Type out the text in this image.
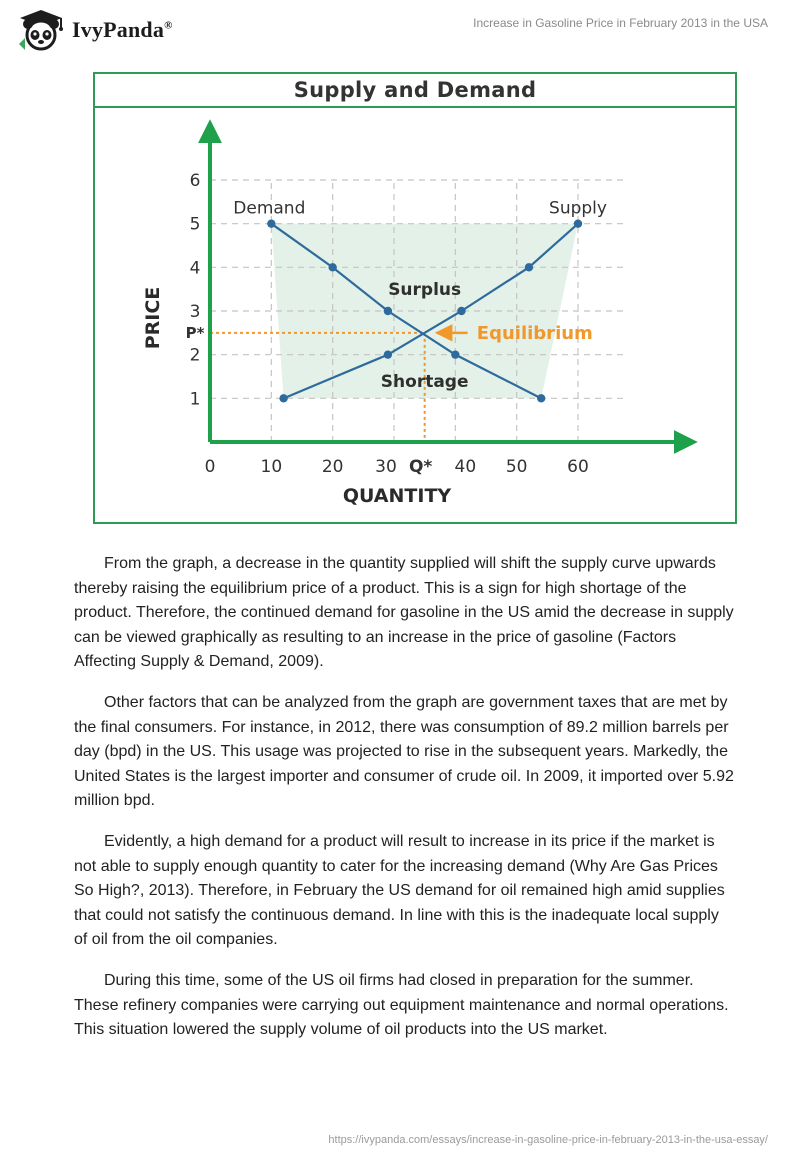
IvyPanda®	Increase in Gasoline Price in February 2013 in the USA
Supply and Demand
0	10 20 30	40 50 60
1
2
3
4
5
6
Demand	Supply
Surplus
Shortage
Equilibrium
P*
Q*
QUANTITY
PRICE

From the graph, a decrease in the quantity supplied will shift the supply curve upwards thereby raising the equilibrium price of a product. This is a sign for high shortage of the product. Therefore, the continued demand for gasoline in the US amid the decrease in supply can be viewed graphically as resulting to an increase in the price of gasoline (Factors Affecting Supply & Demand, 2009).

Other factors that can be analyzed from the graph are government taxes that are met by the final consumers. For instance, in 2012, there was consumption of 89.2 million barrels per day (bpd) in the US. This usage was projected to rise in the subsequent years. Markedly, the United States is the largest importer and consumer of crude oil. In 2009, it imported over 5.92 million bpd.

Evidently, a high demand for a product will result to increase in its price if the market is not able to supply enough quantity to cater for the increasing demand (Why Are Gas Prices So High?, 2013). Therefore, in February the US demand for oil remained high amid supplies that could not satisfy the continuous demand. In line with this is the inadequate local supply of oil from the oil companies.

During this time, some of the US oil firms had closed in preparation for the summer. These refinery companies were carrying out equipment maintenance and normal operations. This situation lowered the supply volume of oil products into the US market.

https://ivypanda.com/essays/increase-in-gasoline-price-in-february-2013-in-the-usa-essay/
